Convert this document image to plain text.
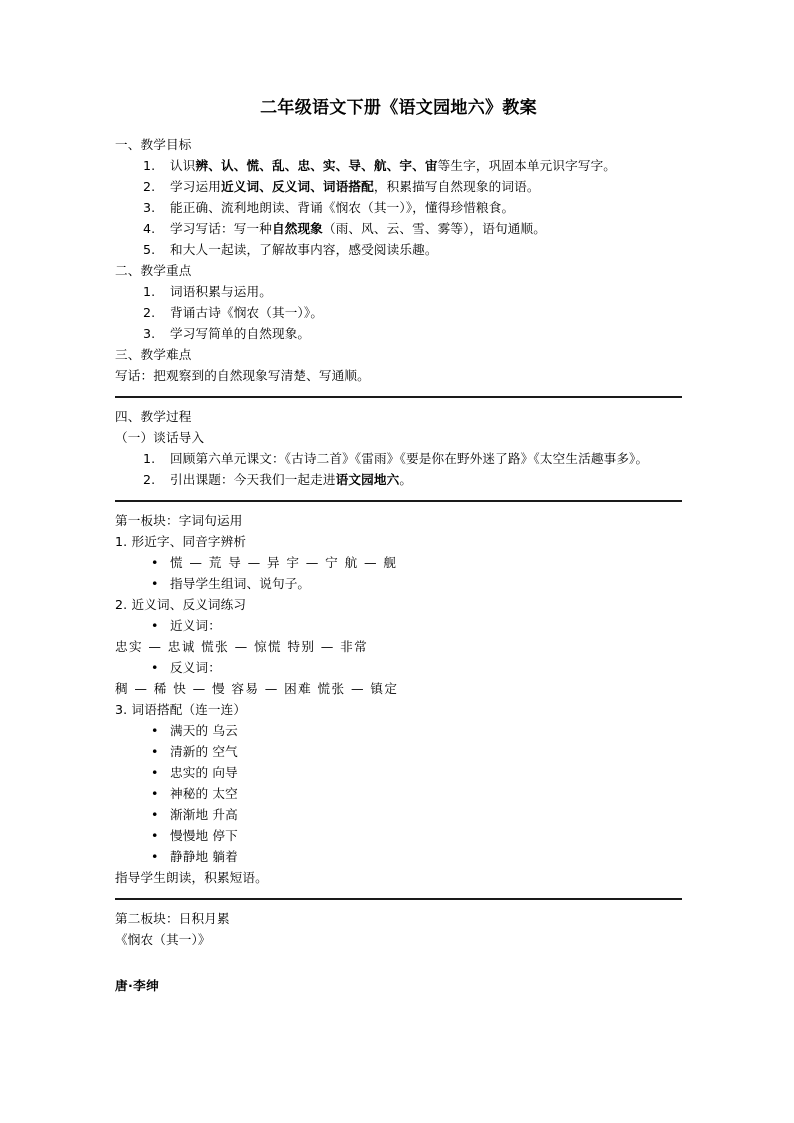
二年级语文下册《语文园地六》教案

一、教学目标

1.	认识辨、认、慌、乱、忠、实、导、航、宇、宙等生字，巩固本单元识字写字。
2.	学习运用近义词、反义词、词语搭配，积累描写自然现象的词语。
3.	能正确、流利地朗读、背诵《悯农（其一）》，懂得珍惜粮食。
4.	学习写话：写一种自然现象（雨、风、云、雪、雾等），语句通顺。
5.	和大人一起读，了解故事内容，感受阅读乐趣。

二、教学重点

1.	词语积累与运用。
2.	背诵古诗《悯农（其一）》。
3.	学习写简单的自然现象。

三、教学难点

写话：把观察到的自然现象写清楚、写通顺。

四、教学过程

（一）谈话导入

1.	回顾第六单元课文：《古诗二首》《雷雨》《要是你在野外迷了路》《太空生活趣事多》。
2.	引出课题：今天我们一起走进语文园地六。

第一板块：字词句运用

1. 形近字、同音字辨析

• 慌 — 荒 导 — 异 宇 — 宁 航 — 舰
• 指导学生组词、说句子。

2. 近义词、反义词练习

• 近义词：

忠实 — 忠诚 慌张 — 惊慌 特别 — 非常

• 反义词：

稠 — 稀 快 — 慢 容易 — 困难 慌张 — 镇定

3. 词语搭配（连一连）

• 满天的 乌云
• 清新的 空气
• 忠实的 向导
• 神秘的 太空
• 渐渐地 升高
• 慢慢地 停下
• 静静地 躺着

指导学生朗读，积累短语。

第二板块：日积月累

《悯农（其一）》

唐·李绅
